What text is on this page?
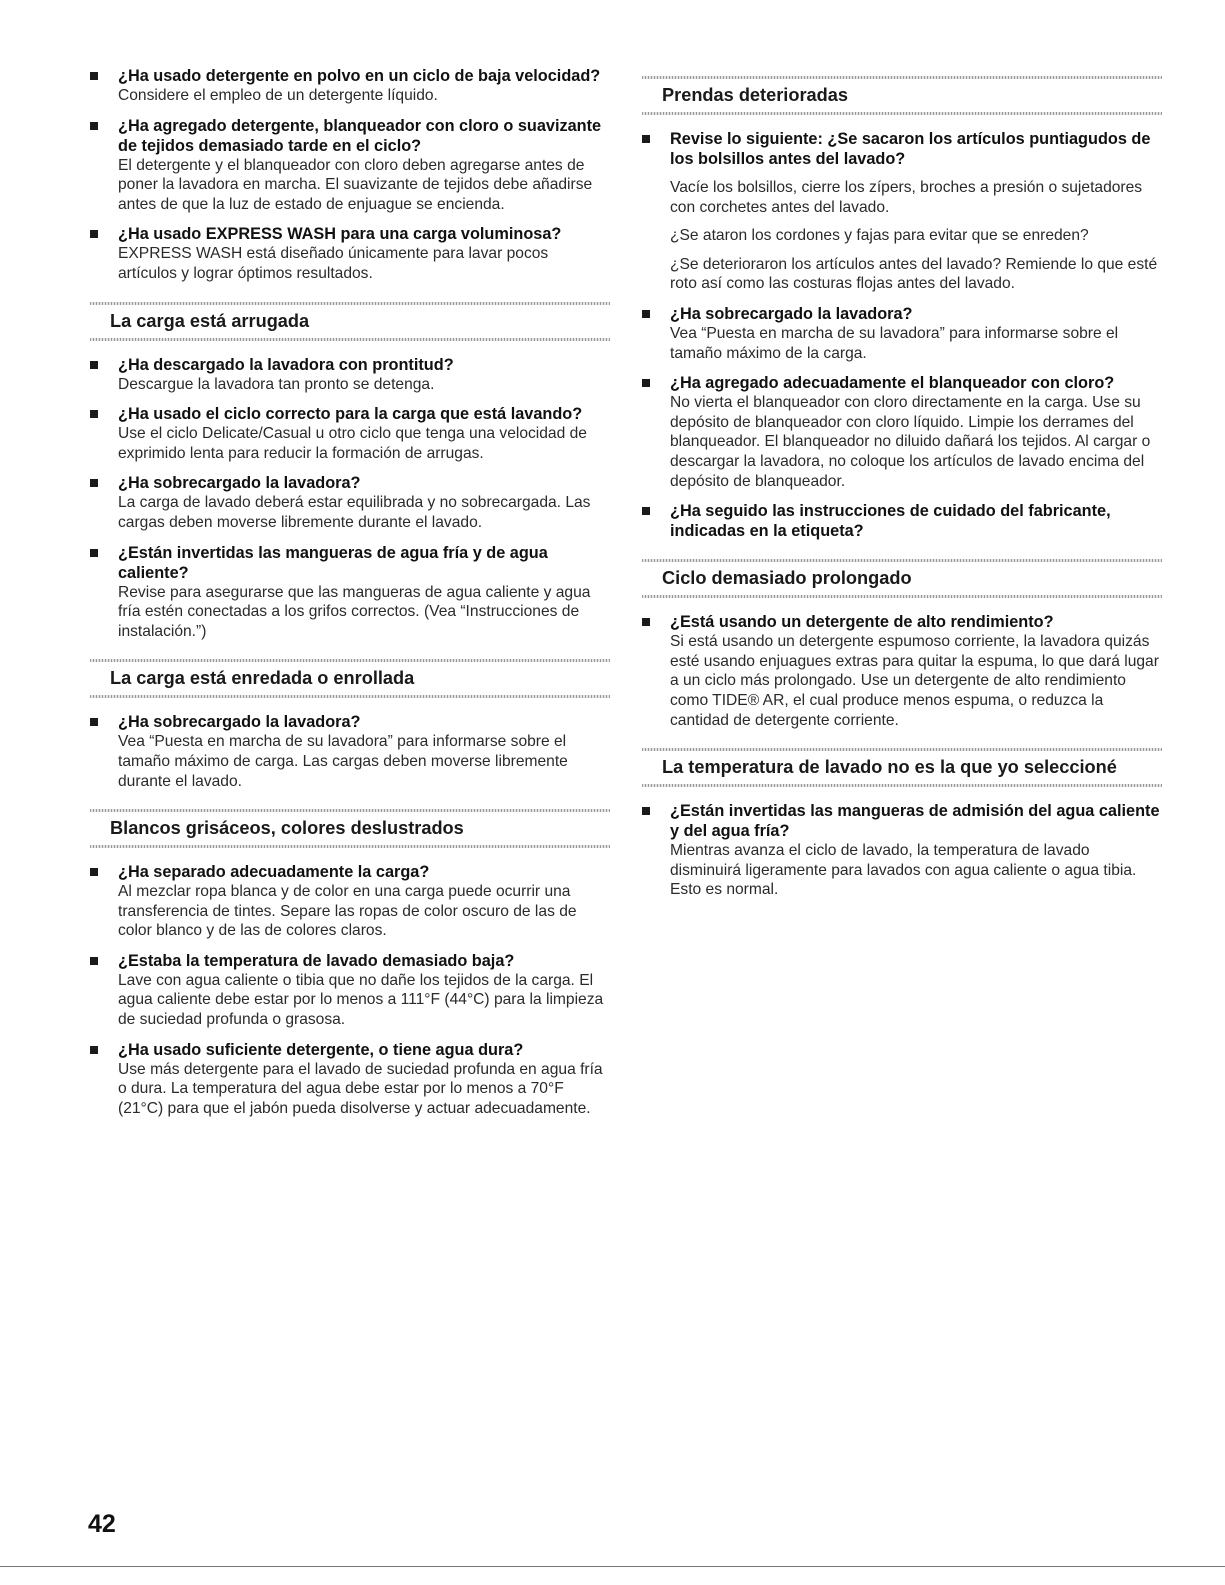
¿Ha usado detergente en polvo en un ciclo de baja velocidad?

Considere el empleo de un detergente líquido.

¿Ha agregado detergente, blanqueador con cloro o suavizante de tejidos demasiado tarde en el ciclo?

El detergente y el blanqueador con cloro deben agregarse antes de poner la lavadora en marcha. El suavizante de tejidos debe añadirse antes de que la luz de estado de enjuague se encienda.

¿Ha usado EXPRESS WASH para una carga voluminosa?

EXPRESS WASH está diseñado únicamente para lavar pocos artículos y lograr óptimos resultados.

La carga está arrugada

¿Ha descargado la lavadora con prontitud?

Descargue la lavadora tan pronto se detenga.

¿Ha usado el ciclo correcto para la carga que está lavando?

Use el ciclo Delicate/Casual u otro ciclo que tenga una velocidad de exprimido lenta para reducir la formación de arrugas.

¿Ha sobrecargado la lavadora?

La carga de lavado deberá estar equilibrada y no sobrecargada. Las cargas deben moverse libremente durante el lavado.

¿Están invertidas las mangueras de agua fría y de agua caliente?

Revise para asegurarse que las mangueras de agua caliente y agua fría estén conectadas a los grifos correctos. (Vea “Instrucciones de instalación.”)

La carga está enredada o enrollada

¿Ha sobrecargado la lavadora?

Vea “Puesta en marcha de su lavadora” para informarse sobre el tamaño máximo de carga. Las cargas deben moverse libremente durante el lavado.

Blancos grisáceos, colores deslustrados

¿Ha separado adecuadamente la carga?

Al mezclar ropa blanca y de color en una carga puede ocurrir una transferencia de tintes. Separe las ropas de color oscuro de las de color blanco y de las de colores claros.

¿Estaba la temperatura de lavado demasiado baja?

Lave con agua caliente o tibia que no dañe los tejidos de la carga. El agua caliente debe estar por lo menos a 111°F (44°C) para la limpieza de suciedad profunda o grasosa.

¿Ha usado suficiente detergente, o tiene agua dura?

Use más detergente para el lavado de suciedad profunda en agua fría o dura. La temperatura del agua debe estar por lo menos a 70°F (21°C) para que el jabón pueda disolverse y actuar adecuadamente.

Prendas deterioradas

Revise lo siguiente: ¿Se sacaron los artículos puntiagudos de los bolsillos antes del lavado?

Vacíe los bolsillos, cierre los zípers, broches a presión o sujetadores con corchetes antes del lavado.

¿Se ataron los cordones y fajas para evitar que se enreden?

¿Se deterioraron los artículos antes del lavado? Remiende lo que esté roto así como las costuras flojas antes del lavado.

¿Ha sobrecargado la lavadora?

Vea “Puesta en marcha de su lavadora” para informarse sobre el tamaño máximo de la carga.

¿Ha agregado adecuadamente el blanqueador con cloro?

No vierta el blanqueador con cloro directamente en la carga. Use su depósito de blanqueador con cloro líquido. Limpie los derrames del blanqueador. El blanqueador no diluido dañará los tejidos. Al cargar o descargar la lavadora, no coloque los artículos de lavado encima del depósito de blanqueador.

¿Ha seguido las instrucciones de cuidado del fabricante, indicadas en la etiqueta?

Ciclo demasiado prolongado

¿Está usando un detergente de alto rendimiento?

Si está usando un detergente espumoso corriente, la lavadora quizás esté usando enjuagues extras para quitar la espuma, lo que dará lugar a un ciclo más prolongado. Use un detergente de alto rendimiento como TIDE® AR, el cual produce menos espuma, o reduzca la cantidad de detergente corriente.

La temperatura de lavado no es la que yo seleccioné

¿Están invertidas las mangueras de admisión del agua caliente y del agua fría?

Mientras avanza el ciclo de lavado, la temperatura de lavado disminuirá ligeramente para lavados con agua caliente o agua tibia. Esto es normal.

42
